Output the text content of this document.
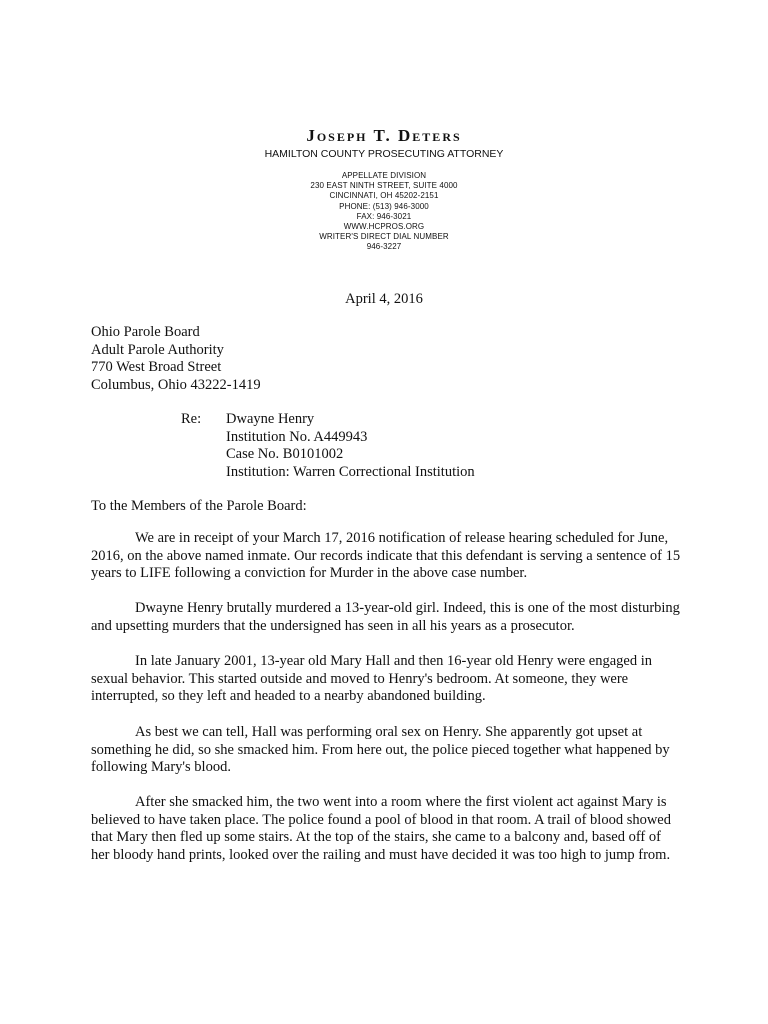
Joseph T. Deters
HAMILTON COUNTY PROSECUTING ATTORNEY
APPELLATE DIVISION
230 EAST NINTH STREET, SUITE 4000
CINCINNATI, OH 45202-2151
PHONE: (513) 946-3000
FAX: 946-3021
WWW.HCPROS.ORG
WRITER'S DIRECT DIAL NUMBER
946-3227
April 4, 2016
Ohio Parole Board
Adult Parole Authority
770 West Broad Street
Columbus, Ohio 43222-1419
Re: Dwayne Henry
Institution No. A449943
Case No. B0101002
Institution: Warren Correctional Institution
To the Members of the Parole Board:

We are in receipt of your March 17, 2016 notification of release hearing scheduled for June, 2016, on the above named inmate. Our records indicate that this defendant is serving a sentence of 15 years to LIFE following a conviction for Murder in the above case number.

Dwayne Henry brutally murdered a 13-year-old girl. Indeed, this is one of the most disturbing and upsetting murders that the undersigned has seen in all his years as a prosecutor.

In late January 2001, 13-year old Mary Hall and then 16-year old Henry were engaged in sexual behavior. This started outside and moved to Henry's bedroom. At someone, they were interrupted, so they left and headed to a nearby abandoned building.

As best we can tell, Hall was performing oral sex on Henry. She apparently got upset at something he did, so she smacked him. From here out, the police pieced together what happened by following Mary's blood.

After she smacked him, the two went into a room where the first violent act against Mary is believed to have taken place. The police found a pool of blood in that room. A trail of blood showed that Mary then fled up some stairs. At the top of the stairs, she came to a balcony and, based off of her bloody hand prints, looked over the railing and must have decided it was too high to jump from.
